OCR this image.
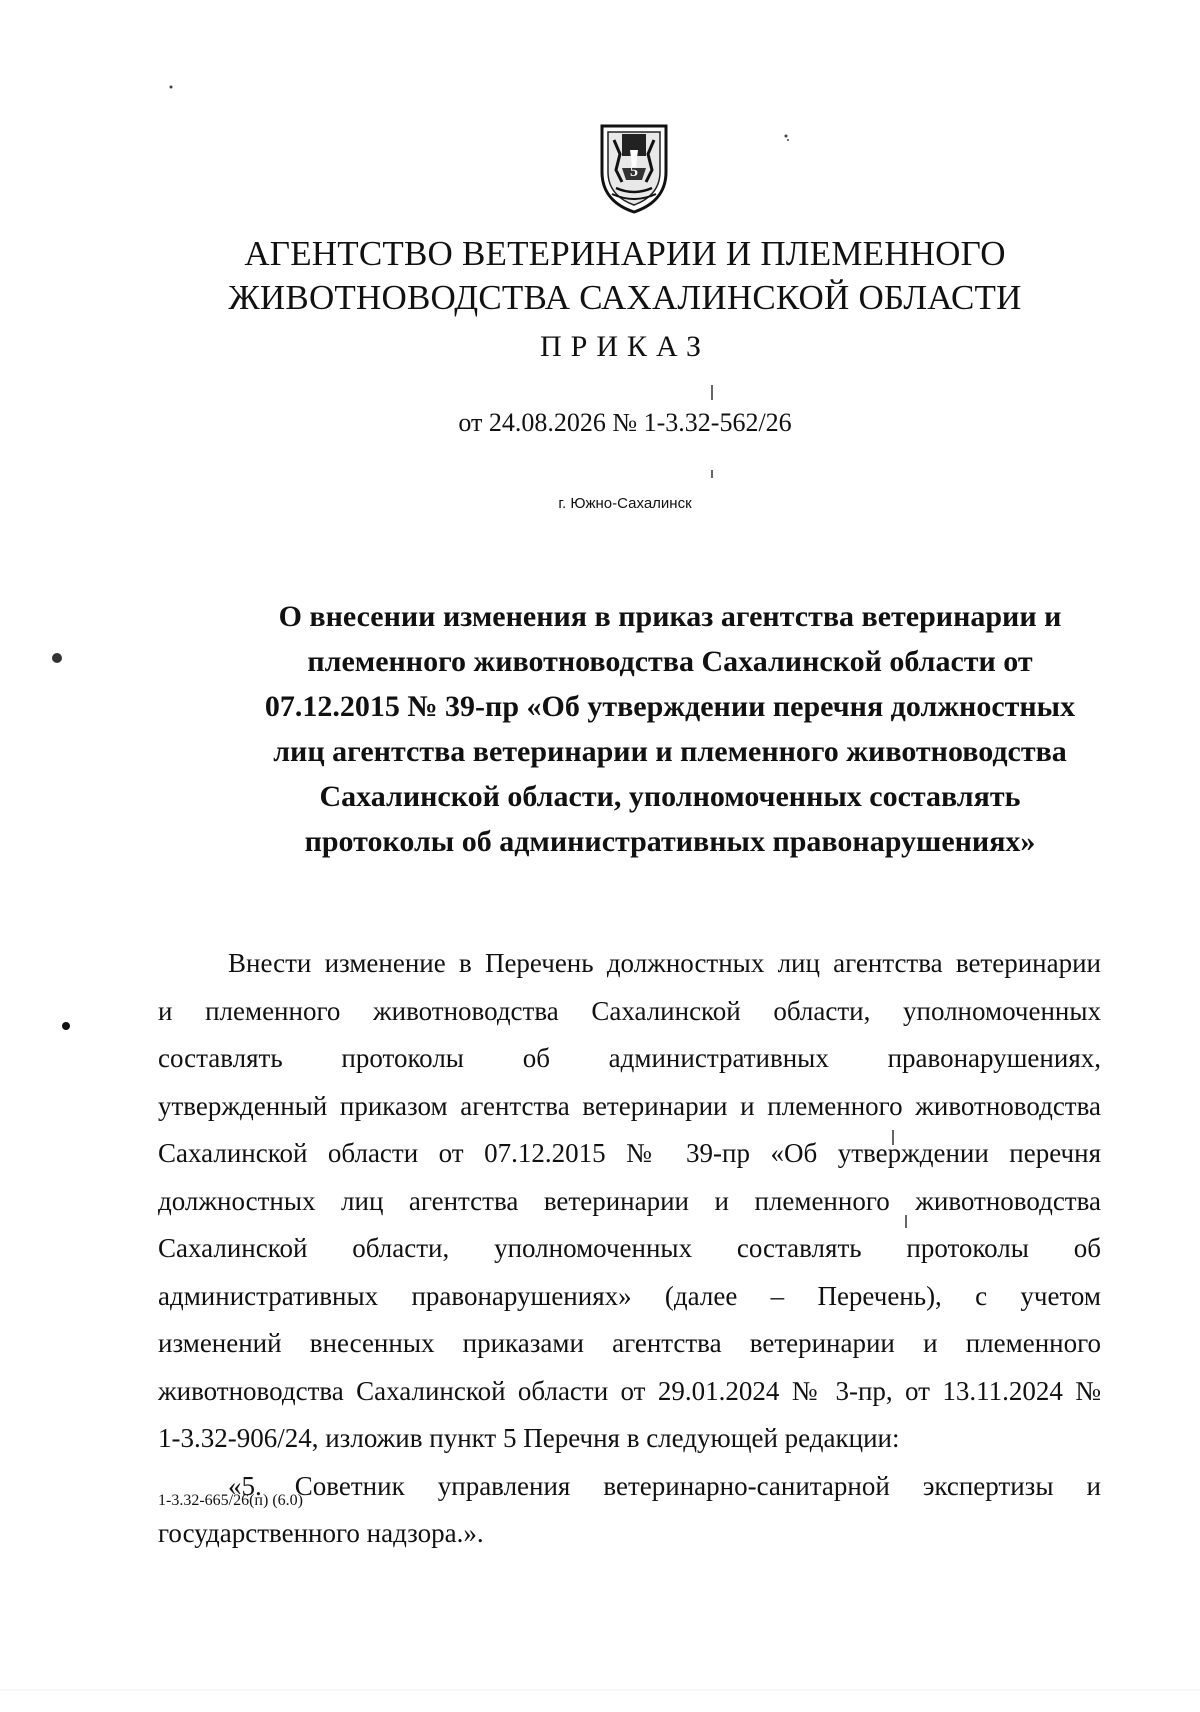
5
АГЕНТСТВО ВЕТЕРИНАРИИ И ПЛЕМЕННОГО
ЖИВОТНОВОДСТВА САХАЛИНСКОЙ ОБЛАСТИ
ПРИКАЗ
от 24.08.2026 № 1-3.32-562/26
г. Южно-Сахалинск
О внесении изменения в приказ агентства ветеринарии и
племенного животноводства Сахалинской области от
07.12.2015 № 39-пр «Об утверждении перечня должностных
лиц агентства ветеринарии и племенного животноводства
Сахалинской области, уполномоченных составлять
протоколы об административных правонарушениях»
Внести изменение в Перечень должностных лиц агентства ветеринарии
и племенного животноводства Сахалинской области, уполномоченных
составлять протоколы об административных правонарушениях,
утвержденный приказом агентства ветеринарии и племенного животноводства
Сахалинской области от 07.12.2015 № 39-пр «Об утверждении перечня
должностных лиц агентства ветеринарии и племенного животноводства
Сахалинской области, уполномоченных составлять протоколы об
административных правонарушениях» (далее – Перечень), с учетом
изменений внесенных приказами агентства ветеринарии и племенного
животноводства Сахалинской области от 29.01.2024 № 3-пр, от 13.11.2024 №
1-3.32-906/24, изложив пункт 5 Перечня в следующей редакции:
«5. Советник управления ветеринарно-санитарной экспертизы и
государственного надзора.».
1-3.32-665/26(п) (6.0)
